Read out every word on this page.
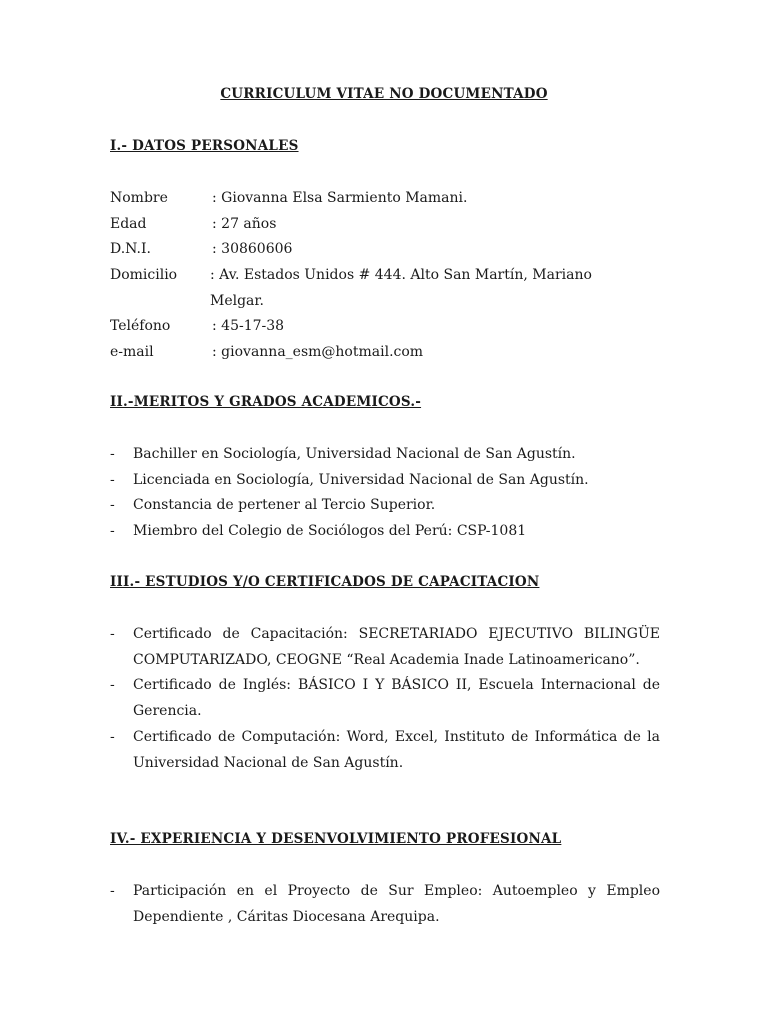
CURRICULUM VITAE NO DOCUMENTADO
I.- DATOS PERSONALES
Nombre	: Giovanna Elsa Sarmiento Mamani.
Edad	: 27 años
D.N.I.	: 30860606
Domicilio : Av. Estados Unidos # 444. Alto San Martín, Mariano Melgar.
Teléfono	: 45-17-38
e-mail	: giovanna_esm@hotmail.com
II.-MERITOS Y GRADOS ACADEMICOS.-
- Bachiller en Sociología, Universidad Nacional de San Agustín.
- Licenciada en Sociología, Universidad Nacional de San Agustín.
- Constancia de pertener al Tercio Superior.
- Miembro del Colegio de Sociólogos del Perú: CSP-1081
III.- ESTUDIOS Y/O CERTIFICADOS DE CAPACITACION
- Certificado de Capacitación: SECRETARIADO EJECUTIVO BILINGÜE COMPUTARIZADO, CEOGNE “Real Academia Inade Latinoamericano”.
- Certificado de Inglés: BÁSICO I Y BÁSICO II, Escuela Internacional de Gerencia.
- Certificado de Computación: Word, Excel, Instituto de Informática de la Universidad Nacional de San Agustín.
IV.- EXPERIENCIA Y DESENVOLVIMIENTO PROFESIONAL
- Participación en el Proyecto de Sur Empleo: Autoempleo y Empleo Dependiente , Cáritas Diocesana Arequipa.
